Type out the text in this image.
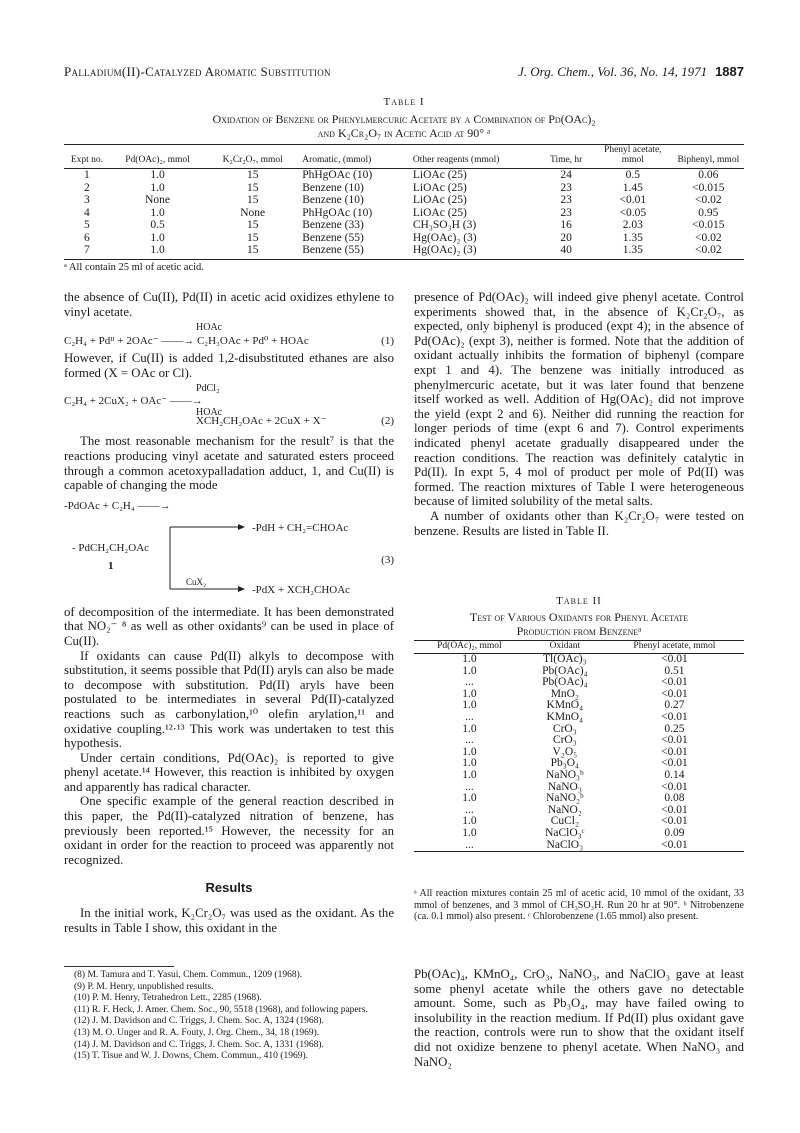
Palladium(II)-Catalyzed Aromatic Substitution	J. Org. Chem., Vol. 36, No. 14, 1971 1887
Table I
Oxidation of Benzene or Phenylmercuric Acetate by a Combination of Pd(OAc)₂
and K₂Cr₂O₇ in Acetic Acid at 90° ᵃ
Expt no.	Pd(OAc)₂, mmol	K₂Cr₂O₇, mmol	Aromatic, (mmol)	Other reagents (mmol)	Time, hr	Phenyl acetate, mmol	Biphenyl, mmol
1	1.0	15	PhHgOAc (10)	LiOAc (25)	24	0.5	0.06
2	1.0	15	Benzene (10)	LiOAc (25)	23	1.45	<0.015
3	None	15	Benzene (10)	LiOAc (25)	23	<0.01	<0.02
4	1.0	None	PhHgOAc (10)	LiOAc (25)	23	<0.05	0.95
5	0.5	15	Benzene (33)	CH₃SO₃H (3)	16	2.03	<0.015
6	1.0	15	Benzene (55)	Hg(OAc)₂ (3)	20	1.35	<0.02
7	1.0	15	Benzene (55)	Hg(OAc)₂ (3)	40	1.35	<0.02
ᵃ All contain 25 ml of acetic acid.

the absence of Cu(II), Pd(II) in acetic acid oxidizes ethylene to vinyl acetate.

HOAc
C₂H₄ + Pdᴵᴵ + 2OAc⁻ ——→ C₂H₃OAc + Pd⁰ + HOAc	(1)

However, if Cu(II) is added 1,2-disubstituted ethanes are also formed (X = OAc or Cl).

PdCl₂
C₂H₄ + 2CuX₂ + OAc⁻ ——→
HOAc
XCH₂CH₂OAc + 2CuX + X⁻	(2)

The most reasonable mechanism for the result⁷ is that the reactions producing vinyl acetate and saturated esters proceed through a common acetoxypalladation adduct, 1, and Cu(II) is capable of changing the mode

-PdOAc + C₂H₄ ——→
- PdCH₂CH₂OAc
1
-PdH + CH₂=CHOAc
CuX₂
-PdX + XCH₂CHOAc
(3)

of decomposition of the intermediate. It has been demonstrated that NO₂⁻ ⁸ as well as other oxidants⁹ can be used in place of Cu(II).

If oxidants can cause Pd(II) alkyls to decompose with substitution, it seems possible that Pd(II) aryls can also be made to decompose with substitution. Pd(II) aryls have been postulated to be intermediates in several Pd(II)-catalyzed reactions such as carbonylation,¹⁰ olefin arylation,¹¹ and oxidative coupling.¹²·¹³ This work was undertaken to test this hypothesis.

Under certain conditions, Pd(OAc)₂ is reported to give phenyl acetate.¹⁴ However, this reaction is inhibited by oxygen and apparently has radical character.

One specific example of the general reaction described in this paper, the Pd(II)-catalyzed nitration of benzene, has previously been reported.¹⁵ However, the necessity for an oxidant in order for the reaction to proceed was apparently not recognized.

Results

In the initial work, K₂Cr₂O₇ was used as the oxidant. As the results in Table I show, this oxidant in the

(8) M. Tamura and T. Yasui, Chem. Commun., 1209 (1968).
(9) P. M. Henry, unpublished results.
(10) P. M. Henry, Tetrahedron Lett., 2285 (1968).
(11) R. F. Heck, J. Amer. Chem. Soc., 90, 5518 (1968), and following papers.
(12) J. M. Davidson and C. Triggs, J. Chem. Soc. A, 1324 (1968).
(13) M. O. Unger and R. A. Fouty, J. Org. Chem., 34, 18 (1969).
(14) J. M. Davidson and C. Triggs, J. Chem. Soc. A, 1331 (1968).
(15) T. Tisue and W. J. Downs, Chem. Commun., 410 (1969).

presence of Pd(OAc)₂ will indeed give phenyl acetate. Control experiments showed that, in the absence of K₂Cr₂O₇, as expected, only biphenyl is produced (expt 4); in the absence of Pd(OAc)₂ (expt 3), neither is formed. Note that the addition of oxidant actually inhibits the formation of biphenyl (compare expt 1 and 4). The benzene was initially introduced as phenylmercuric acetate, but it was later found that benzene itself worked as well. Addition of Hg(OAc)₂ did not improve the yield (expt 2 and 6). Neither did running the reaction for longer periods of time (expt 6 and 7). Control experiments indicated phenyl acetate gradually disappeared under the reaction conditions. The reaction was definitely catalytic in Pd(II). In expt 5, 4 mol of product per mole of Pd(II) was formed. The reaction mixtures of Table I were heterogeneous because of limited solubility of the metal salts.

A number of oxidants other than K₂Cr₂O₇ were tested on benzene. Results are listed in Table II.

Table II
Test of Various Oxidants for Phenyl Acetate
Production from Benzeneᵃ
Pd(OAc)₂, mmol	Oxidant	Phenyl acetate, mmol
1.0	Tl(OAc)₃	<0.01
1.0	Pb(OAc)₄	0.51
...	Pb(OAc)₄	<0.01
1.0	MnO₂	<0.01
1.0	KMnO₄	0.27
...	KMnO₄	<0.01
1.0	CrO₃	0.25
...	CrO₃	<0.01
1.0	V₂O₅	<0.01
1.0	Pb₃O₄	<0.01
1.0	NaNO₃ᵇ	0.14
...	NaNO₃	<0.01
1.0	NaNO₂ᵇ	0.08
...	NaNO₂	<0.01
1.0	CuCl₂	<0.01
1.0	NaClO₃ᶜ	0.09
...	NaClO₃	<0.01
ᵃ All reaction mixtures contain 25 ml of acetic acid, 10 mmol of the oxidant, 33 mmol of benzenes, and 3 mmol of CH₃SO₃H. Run 20 hr at 90°. ᵇ Nitrobenzene (ca. 0.1 mmol) also present. ᶜ Chlorobenzene (1.65 mmol) also present.

Pb(OAc)₄, KMnO₄, CrO₃, NaNO₃, and NaClO₃ gave at least some phenyl acetate while the others gave no detectable amount. Some, such as Pb₃O₄, may have failed owing to insolubility in the reaction medium. If Pd(II) plus oxidant gave the reaction, controls were run to show that the oxidant itself did not oxidize benzene to phenyl acetate. When NaNO₃ and NaNO₂
